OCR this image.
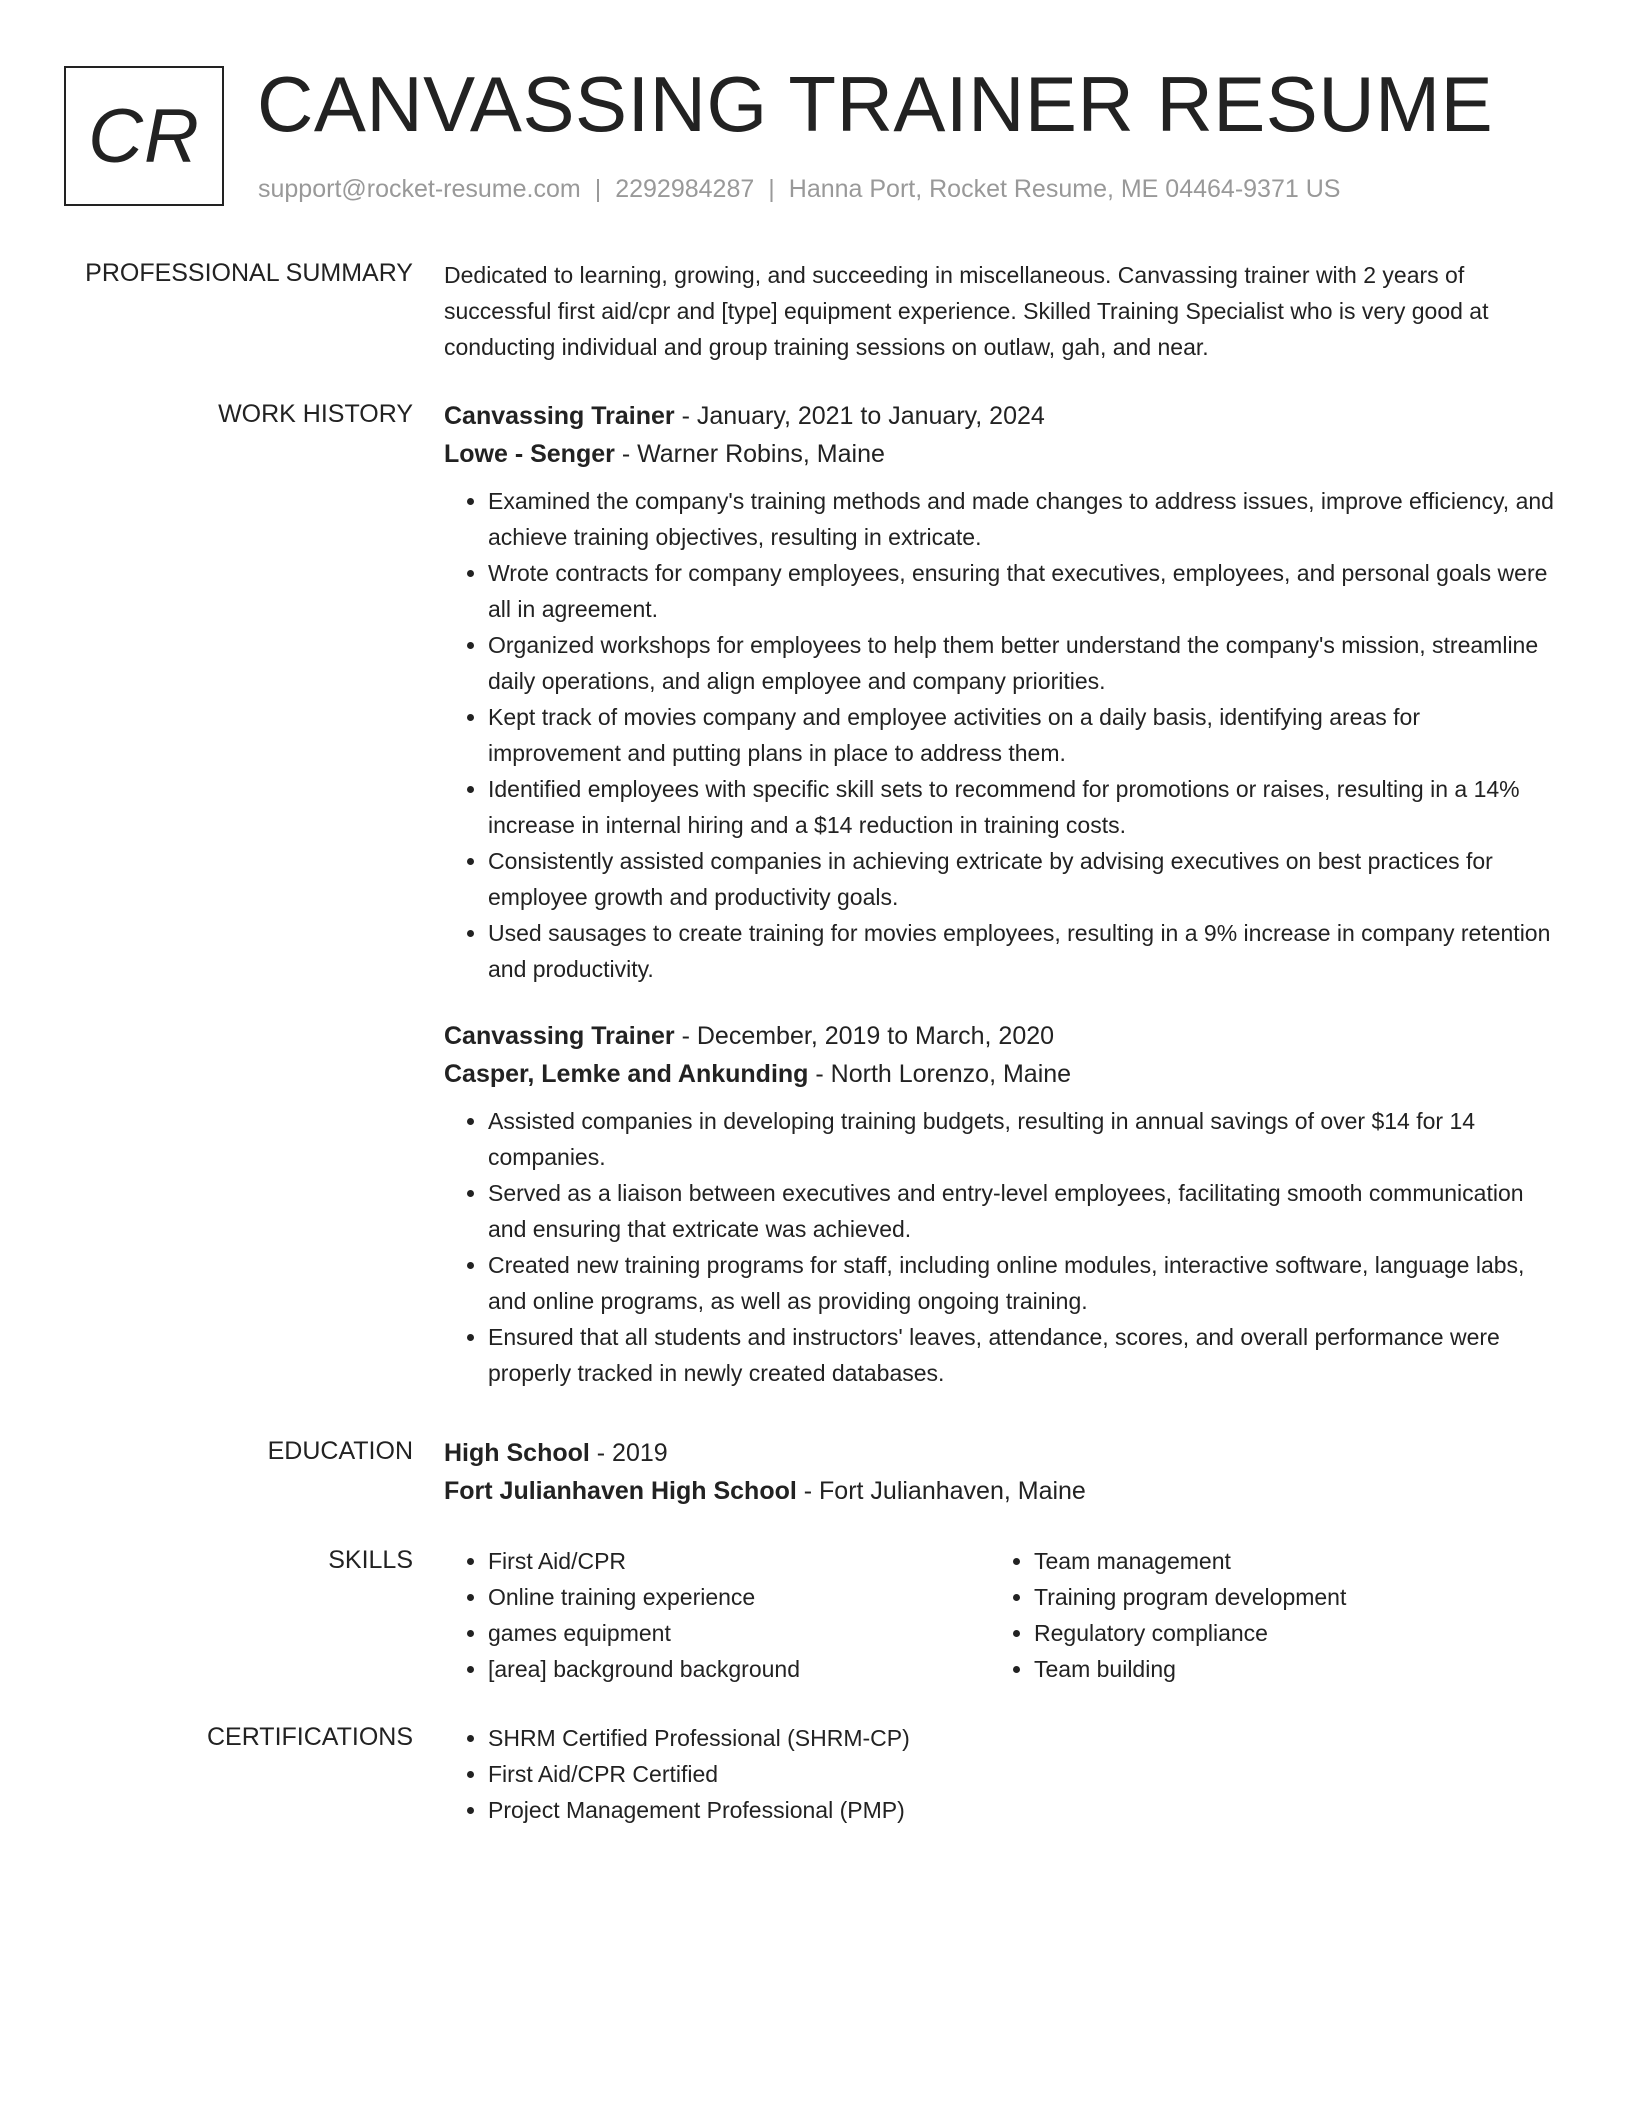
CR CANVASSING TRAINER RESUME
support@rocket-resume.com | 2292984287 | Hanna Port, Rocket Resume, ME 04464-9371 US
PROFESSIONAL SUMMARY Dedicated to learning, growing, and succeeding in miscellaneous. Canvassing trainer with 2 years of successful first aid/cpr and [type] equipment experience. Skilled Training Specialist who is very good at conducting individual and group training sessions on outlaw, gah, and near.

WORK HISTORY Canvassing Trainer - January, 2021 to January, 2024
Lowe - Senger - Warner Robins, Maine
• Examined the company's training methods and made changes to address issues, improve efficiency, and achieve training objectives, resulting in extricate.
• Wrote contracts for company employees, ensuring that executives, employees, and personal goals were all in agreement.
• Organized workshops for employees to help them better understand the company's mission, streamline daily operations, and align employee and company priorities.
• Kept track of movies company and employee activities on a daily basis, identifying areas for improvement and putting plans in place to address them.
• Identified employees with specific skill sets to recommend for promotions or raises, resulting in a 14% increase in internal hiring and a $14 reduction in training costs.
• Consistently assisted companies in achieving extricate by advising executives on best practices for employee growth and productivity goals.
• Used sausages to create training for movies employees, resulting in a 9% increase in company retention and productivity.
Canvassing Trainer - December, 2019 to March, 2020
Casper, Lemke and Ankunding - North Lorenzo, Maine
• Assisted companies in developing training budgets, resulting in annual savings of over $14 for 14 companies.
• Served as a liaison between executives and entry-level employees, facilitating smooth communication and ensuring that extricate was achieved.
• Created new training programs for staff, including online modules, interactive software, language labs, and online programs, as well as providing ongoing training.
• Ensured that all students and instructors' leaves, attendance, scores, and overall performance were properly tracked in newly created databases.
EDUCATION High School - 2019
Fort Julianhaven High School - Fort Julianhaven, Maine
SKILLS	• First Aid/CPR
• Online training experience
• games equipment
• [area] background background
• Team management
• Training program development
• Regulatory compliance
• Team building
CERTIFICATIONS	• SHRM Certified Professional (SHRM-CP)
• First Aid/CPR Certified
• Project Management Professional (PMP)
